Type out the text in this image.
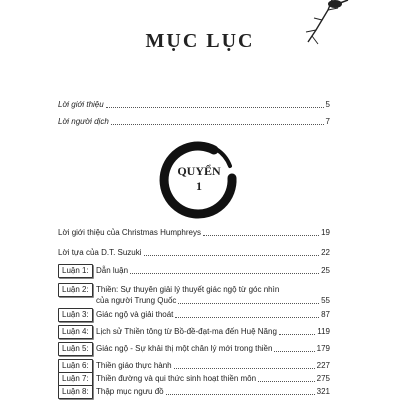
MỤC LỤC
Lời giới thiệu	5
Lời người dịch	7
QUYỂN
1
Lời giới thiệu của Christmas Humphreys	19
Lời tựa của D.T. Suzuki	22
Luận 1: Dẫn luận	25
Luận 2: Thiền: Sự thuyên giải lý thuyết giác ngộ từ góc nhìn
của người Trung Quốc	55
Luận 3: Giác ngộ và giải thoát	87
Luận 4: Lịch sử Thiền tông từ Bồ-đề-đạt-ma đến Huệ Năng	119
Luận 5: Giác ngộ - Sự khải thị một chân lý mới trong thiền	179
Luận 6: Thiền giáo thực hành	227
Luận 7: Thiền đường và qui thức sinh hoạt thiền môn	275
Luận 8: Thập mục ngưu đồ	321
